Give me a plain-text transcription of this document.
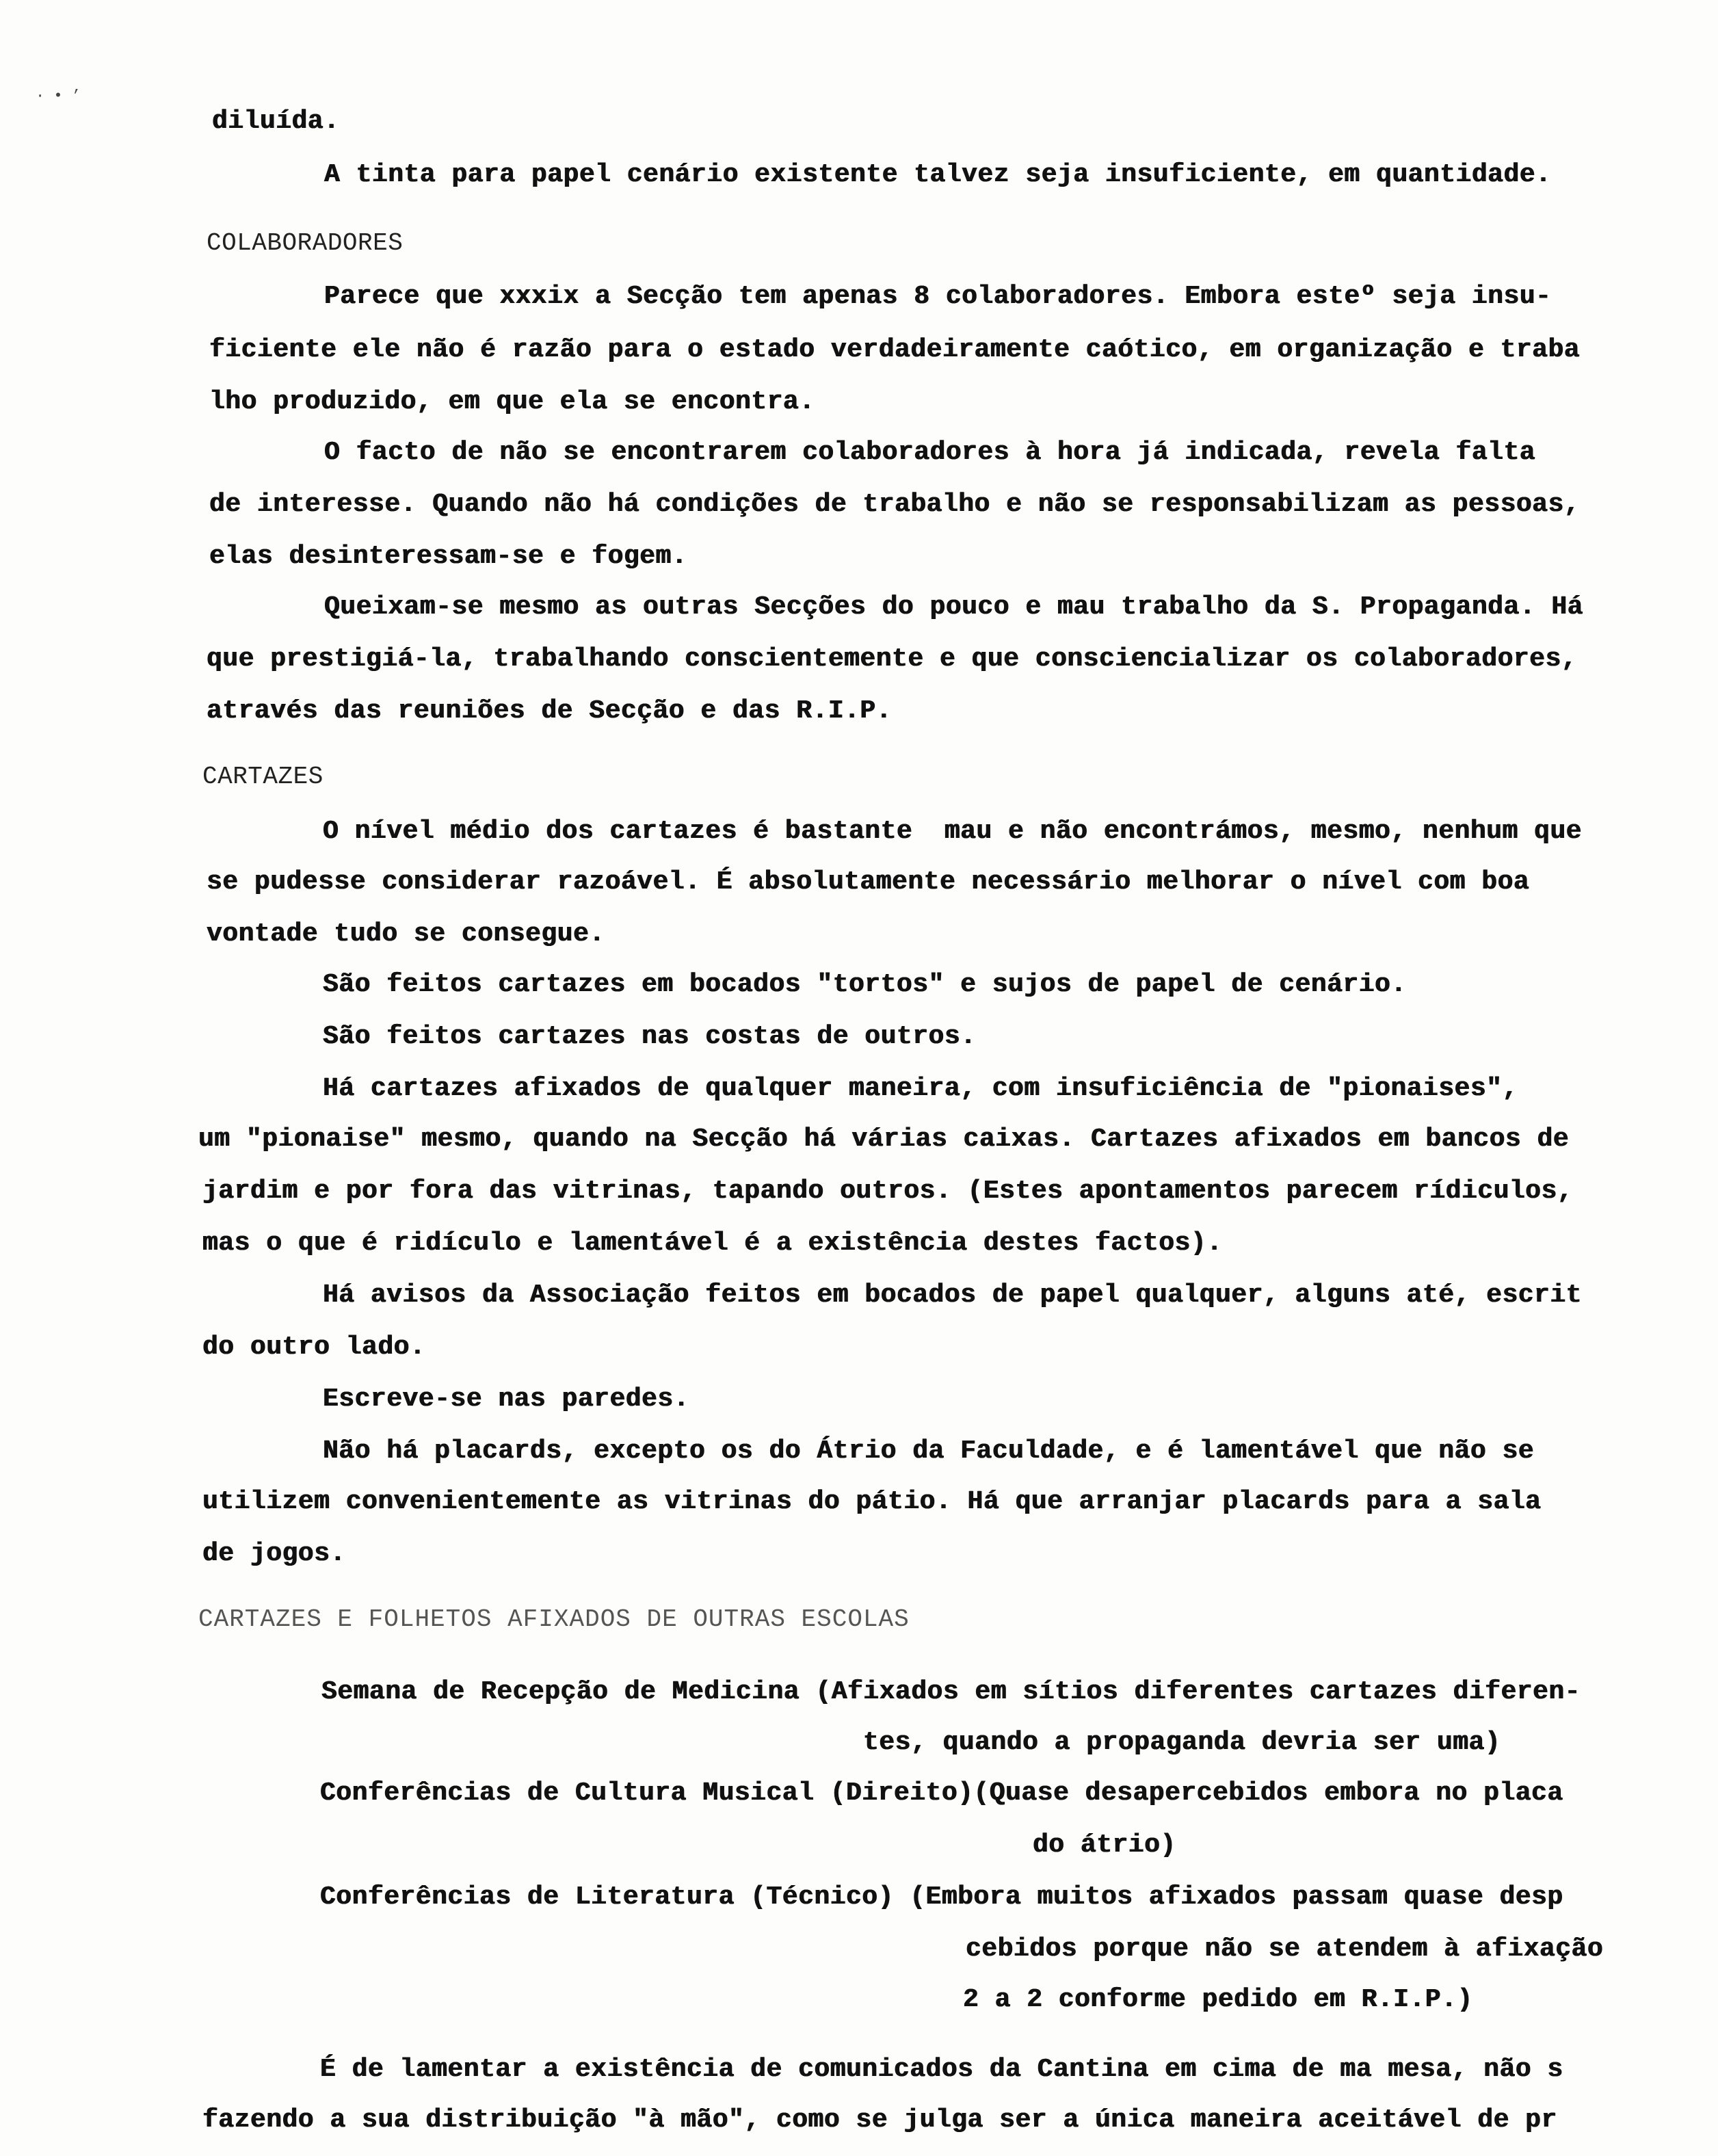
· • ’
diluída.
A tinta para papel cenário existente talvez seja insuficiente, em quantidade.
COLABORADORES
Parece que xxxix a Secção tem apenas 8 colaboradores. Embora esteº seja insu-
ficiente ele não é razão para o estado verdadeiramente caótico, em organização e traba
lho produzido, em que ela se encontra.
O facto de não se encontrarem colaboradores à hora já indicada, revela falta
de interesse. Quando não há condições de trabalho e não se responsabilizam as pessoas,
elas desinteressam-se e fogem.
Queixam-se mesmo as outras Secções do pouco e mau trabalho da S. Propaganda. Há
que prestigiá-la, trabalhando conscientemente e que consciencializar os colaboradores,
através das reuniões de Secção e das R.I.P.
CARTAZES
O nível médio dos cartazes é bastante  mau e não encontrámos, mesmo, nenhum que
se pudesse considerar razoável. É absolutamente necessário melhorar o nível com boa
vontade tudo se consegue.
São feitos cartazes em bocados "tortos" e sujos de papel de cenário.
São feitos cartazes nas costas de outros.
Há cartazes afixados de qualquer maneira, com insuficiência de "pionaises",
um "pionaise" mesmo, quando na Secção há várias caixas. Cartazes afixados em bancos de
jardim e por fora das vitrinas, tapando outros. (Estes apontamentos parecem rídiculos,
mas o que é ridículo e lamentável é a existência destes factos).
Há avisos da Associação feitos em bocados de papel qualquer, alguns até, escrit
do outro lado.
Escreve-se nas paredes.
Não há placards, excepto os do Átrio da Faculdade, e é lamentável que não se
utilizem convenientemente as vitrinas do pátio. Há que arranjar placards para a sala
de jogos.
CARTAZES E FOLHETOS AFIXADOS DE OUTRAS ESCOLAS
Semana de Recepção de Medicina (Afixados em sítios diferentes cartazes diferen-
tes, quando a propaganda devria ser uma)
Conferências de Cultura Musical (Direito)(Quase desapercebidos embora no placa
do átrio)
Conferências de Literatura (Técnico) (Embora muitos afixados passam quase desp
cebidos porque não se atendem à afixação
2 a 2 conforme pedido em R.I.P.)
É de lamentar a existência de comunicados da Cantina em cima de ma mesa, não s
fazendo a sua distribuição "à mão", como se julga ser a única maneira aceitável de pr
